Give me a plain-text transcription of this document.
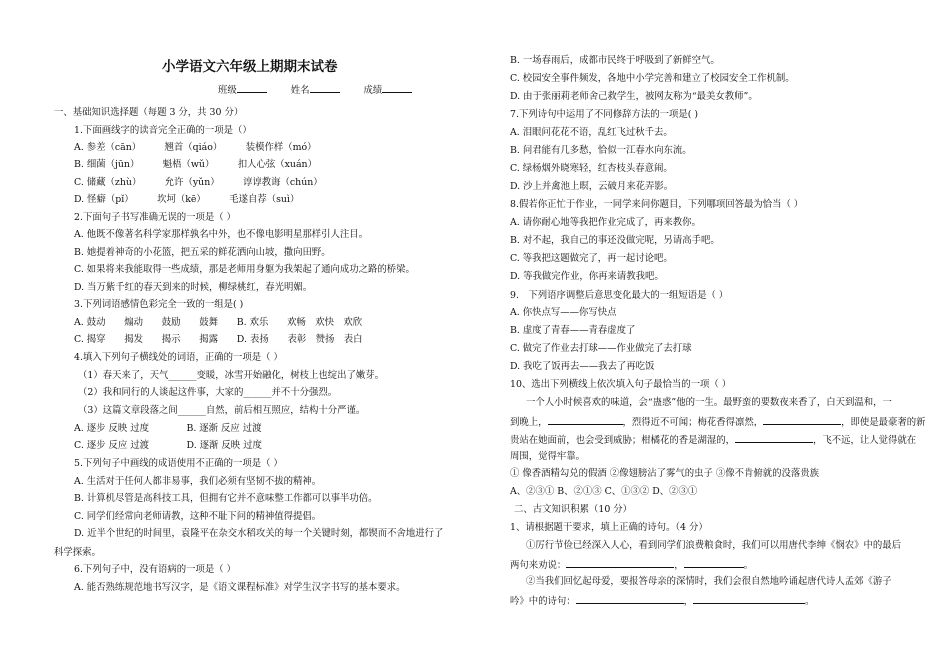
小学语文六年级上期期末试卷
班级	姓名	成绩
一、基础知识选择题（每题 3 分，共 30 分）
1.下面画线字的读音完全正确的一项是（）
A. 参差（cān）　　　翘首（qiáo）　　　装模作样（mó）
B. 细菌（jūn）　　　魁梧（wǔ）　　　扣人心弦（xuán）
C. 储藏（zhù）　　　允许（yǔn）　　　谆谆教诲（chún）
D. 怪癖（pǐ）　　　坎坷（kē）　　　毛遂自荐（suì）
2.下面句子书写准确无误的一项是（ ）
A. 他既不像著名科学家那样孰名中外，也不像电影明星那样引人注目。
B. 她提着神奇的小花篮，把五采的鲜花洒向山坡，撒向田野。
C. 如果将来我能取得一些成绩，那是老师用身躯为我架起了通向成功之路的桥梁。
D. 当万紫千红的春天到来的时候，柳绿桃红，春光明媚。
3.下列词语感情色彩完全一致的一组是( )
A. 鼓动　　煽动　　鼓励　　鼓舞　　B. 欢乐　　欢畅　欢快　欢欣
C. 揭穿　　揭发　　揭示　　揭露　　D. 表扬　　表彰　赞扬　表白
4.填入下列句子横线处的词语，正确的一项是（ ）
（1）春天来了，天气______变暖，冰雪开始融化，树枝上也绽出了嫩芽。
（2）我和同行的人谈起这件事，大家的______并不十分强烈。
（3）这篇文章段落之间______自然，前后相互照应，结构十分严谨。
A. 逐步 反映 过度　　　　B. 逐渐 反应 过渡
C. 逐步 反应 过渡　　　　D. 逐渐 反映 过度
5.下列句子中画线的成语使用不正确的一项是（ ）
A. 生活对于任何人都非易事，我们必须有坚韧不拔的精神。
B. 计算机尽管是高科技工具，但拥有它并不意味整工作都可以事半功倍。
C. 同学们经常向老师请教，这种不耻下问的精神值得提倡。
D. 近半个世纪的时间里，袁隆平在杂交水稻攻关的每一个关键时刻，都锲而不舍地进行了
科学探索。
6.下列句子中，没有语病的一项是（ ）
A. 能否熟练规范地书写汉字，是《语文课程标准》对学生汉字书写的基本要求。
B. 一场春雨后，成都市民终于呼吸到了新鲜空气。
C. 校园安全事件频发，各地中小学完善和建立了校园安全工作机制。
D. 由于张丽莉老师舍己救学生，被网友称为“最美女教师”。
7.下列诗句中运用了不同修辞方法的一项是( )
A. 泪眼问花花不语，乱红飞过秋千去。
B. 问君能有几多愁，恰似一江春水向东流。
C. 绿杨烟外晓寒轻，红杏枝头春意闹。
D. 沙上并禽池上暝，云破月来花弄影。
8.假若你正忙于作业，一同学来问你题目，下列哪项回答最为恰当（ ）
A. 请你耐心地等我把作业完成了，再来教你。
B. 对不起，我自己的事还没做完呢，另请高手吧。
C. 等我把这题做完了，再一起讨论吧。
D. 等我做完作业，你再来请教我吧。
9.　下列语序调整后意思变化最大的一组短语是（ ）
A. 你快点写——你写快点
B. 虚度了青春——青春虚度了
C. 做完了作业去打球——作业做完了去打球
D. 我吃了饭再去——我去了再吃饭
10、选出下列横线上依次填入句子最恰当的一项（ ）
一个人小时候喜欢的味道，会“蛊惑”他的一生。最野蛮的要数夜来香了，白天到温和，一
到晚上，	，烈得近不可闻；梅花香得凛然，	，即使是最豪奢的新
贵站在她面前，也会受到威胁；柑橘花的香是湖湿的，	，飞不远，让人觉得就在
周围，觉得牢靠。
① 像香酒精勾兑的假酒 ②像翅膀沾了雾气的虫子 ③像不肯俯就的没落贵族
A、②③① B、②①③ C、①③② D、②③①
二、古文知识积累（10 分）
1、请根据题干要求，填上正确的诗句。（4 分）
①厉行节俭已经深入人心，看到同学们浪费粮食时，我们可以用唐代李绅《悯农》中的最后
两句来劝说：	，	。
②当我们回忆起母爱，要报答母亲的深情时，我们会很自然地吟诵起唐代诗人孟郊《游子
吟》中的诗句：	，	。
